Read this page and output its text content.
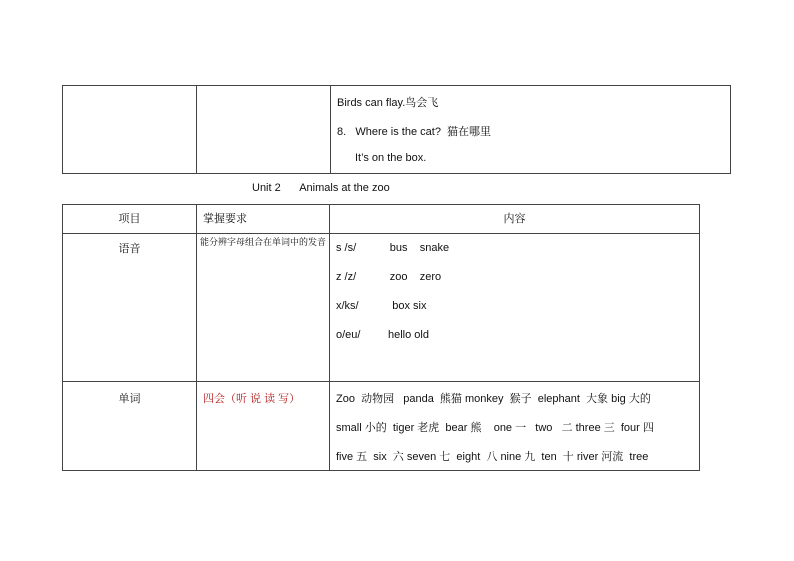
Birds can flay.鸟会飞
8.   Where is the cat?  猫在哪里
It’s on the box.
Unit 2 Animals at the zoo
项目	掌握要求	内容
语音	能分辨字母组合在单词中的发音	s /s/           bus    snake
z /z/           zoo    zero
x/ks/           box six
o/eu/         hello old

单词	四会（听 说 读 写）	Zoo  动物园   panda  熊猫 monkey  猴子  elephant  大象 big 大的
small 小的  tiger 老虎  bear 熊    one 一   two   二 three 三  four 四
five 五  six  六 seven 七  eight  八 nine 九  ten  十 river 河流  tree
